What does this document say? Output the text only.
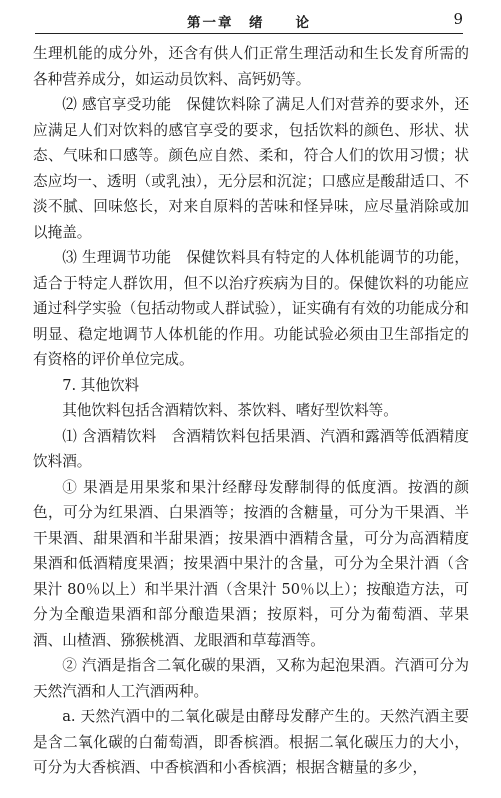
第一章　绪　　论	9

生理机能的成分外，还含有供人们正常生理活动和生长发育所需的各种营养成分，如运动员饮料、高钙奶等。

⑵ 感官享受功能　保健饮料除了满足人们对营养的要求外，还应满足人们对饮料的感官享受的要求，包括饮料的颜色、形状、状态、气味和口感等。颜色应自然、柔和，符合人们的饮用习惯；状态应均一、透明（或乳浊），无分层和沉淀；口感应是酸甜适口、不淡不腻、回味悠长，对来自原料的苦味和怪异味，应尽量消除或加以掩盖。

⑶ 生理调节功能　保健饮料具有特定的人体机能调节的功能，适合于特定人群饮用，但不以治疗疾病为目的。保健饮料的功能应通过科学实验（包括动物或人群试验），证实确有有效的功能成分和明显、稳定地调节人体机能的作用。功能试验必须由卫生部指定的有资格的评价单位完成。

7. 其他饮料

其他饮料包括含酒精饮料、茶饮料、嗜好型饮料等。

⑴ 含酒精饮料　含酒精饮料包括果酒、汽酒和露酒等低酒精度饮料酒。

① 果酒是用果浆和果汁经酵母发酵制得的低度酒。按酒的颜色，可分为红果酒、白果酒等；按酒的含糖量，可分为干果酒、半干果酒、甜果酒和半甜果酒；按果酒中酒精含量，可分为高酒精度果酒和低酒精度果酒；按果酒中果汁的含量，可分为全果汁酒（含果汁 80％以上）和半果汁酒（含果汁 50％以上）；按酿造方法，可分为全酿造果酒和部分酿造果酒；按原料，可分为葡萄酒、苹果酒、山楂酒、猕猴桃酒、龙眼酒和草莓酒等。

② 汽酒是指含二氧化碳的果酒，又称为起泡果酒。汽酒可分为天然汽酒和人工汽酒两种。

a. 天然汽酒中的二氧化碳是由酵母发酵产生的。天然汽酒主要是含二氧化碳的白葡萄酒，即香槟酒。根据二氧化碳压力的大小，可分为大香槟酒、中香槟酒和小香槟酒；根据含糖量的多少，
